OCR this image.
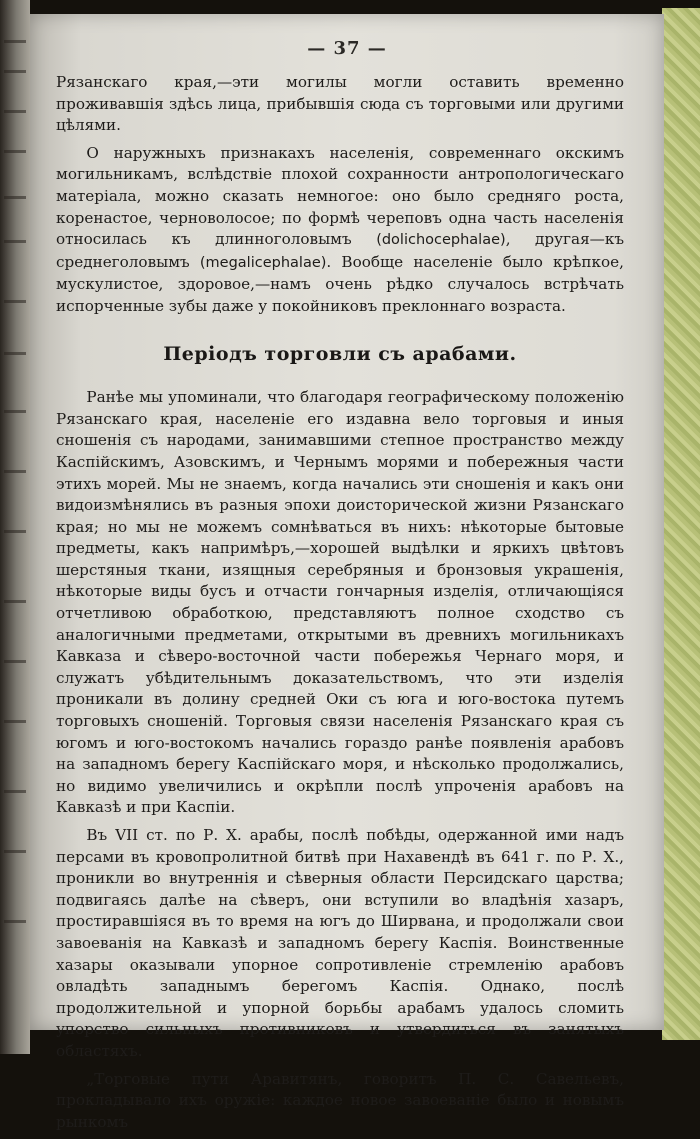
— 37 —

Рязанскаго края,—эти могилы могли оставить временно проживавшія здѣсь лица, прибывшія сюда съ торговыми или другими цѣлями.

О наружныхъ признакахъ населенія, современнаго окскимъ могильникамъ, вслѣдствіе плохой сохранности антропологическаго матеріала, можно сказать немногое: оно было средняго роста, коренастое, черноволосое; по формѣ череповъ одна часть населенія относилась къ длинноголовымъ (dolichocephalae), другая—къ среднеголовымъ (megalicephalae). Вообще населеніе было крѣпкое, мускулистое, здоровое,—намъ очень рѣдко случалось встрѣчать испорченные зубы даже у покойниковъ преклоннаго возраста.

Періодъ торговли съ арабами.

Ранѣе мы упоминали, что благодаря географическому положенію Рязанскаго края, населеніе его издавна вело торговыя и иныя сношенія съ народами, занимавшими степное пространство между Каспійскимъ, Азовскимъ, и Чернымъ морями и побережныя части этихъ морей. Мы не знаемъ, когда начались эти сношенія и какъ они видоизмѣнялись въ разныя эпохи доисторической жизни Рязанскаго края; но мы не можемъ сомнѣваться въ нихъ: нѣкоторые бытовые предметы, какъ напримѣръ,—хорошей выдѣлки и яркихъ цвѣтовъ шерстяныя ткани, изящныя серебряныя и бронзовыя украшенія, нѣкоторые виды бусъ и отчасти гончарныя изделія, отличающіяся отчетливою обработкою, представляютъ полное сходство съ аналогичными предметами, открытыми въ древнихъ могильникахъ Кавказа и сѣверо-восточной части побережья Чернаго моря, и служатъ убѣдительнымъ доказательствомъ, что эти изделія проникали въ долину средней Оки съ юга и юго-востока путемъ торговыхъ сношеній. Торговыя связи населенія Рязанскаго края съ югомъ и юго-востокомъ начались гораздо ранѣе появленія арабовъ на западномъ берегу Каспійскаго моря, и нѣсколько продолжались, но видимо увеличились и окрѣпли послѣ упроченія арабовъ на Кавказѣ и при Каспіи.

Въ VII ст. по Р. Х. арабы, послѣ побѣды, одержанной ими надъ персами въ кровопролитной битвѣ при Нахавендѣ въ 641 г. по Р. Х., проникли во внутреннія и сѣверныя области Персидскаго царства; подвигаясь далѣе на сѣверъ, они вступили во владѣнія хазаръ, простиравшіяся въ то время на югъ до Ширвана, и продолжали свои завоеванія на Кавказѣ и западномъ берегу Каспія. Воинственные хазары оказывали упорное сопротивленіе стремленію арабовъ овладѣть западнымъ берегомъ Каспія. Однако, послѣ продолжительной и упорной борьбы арабамъ удалось сломить упорство сильныхъ противниковъ и утвердиться въ занятыхъ областяхъ.

„Торговые пути Аравитянъ, говоритъ П. С. Савельевъ, прокладывало ихъ оружіе: каждое новое завоеваніе было и новымъ рынкомъ
